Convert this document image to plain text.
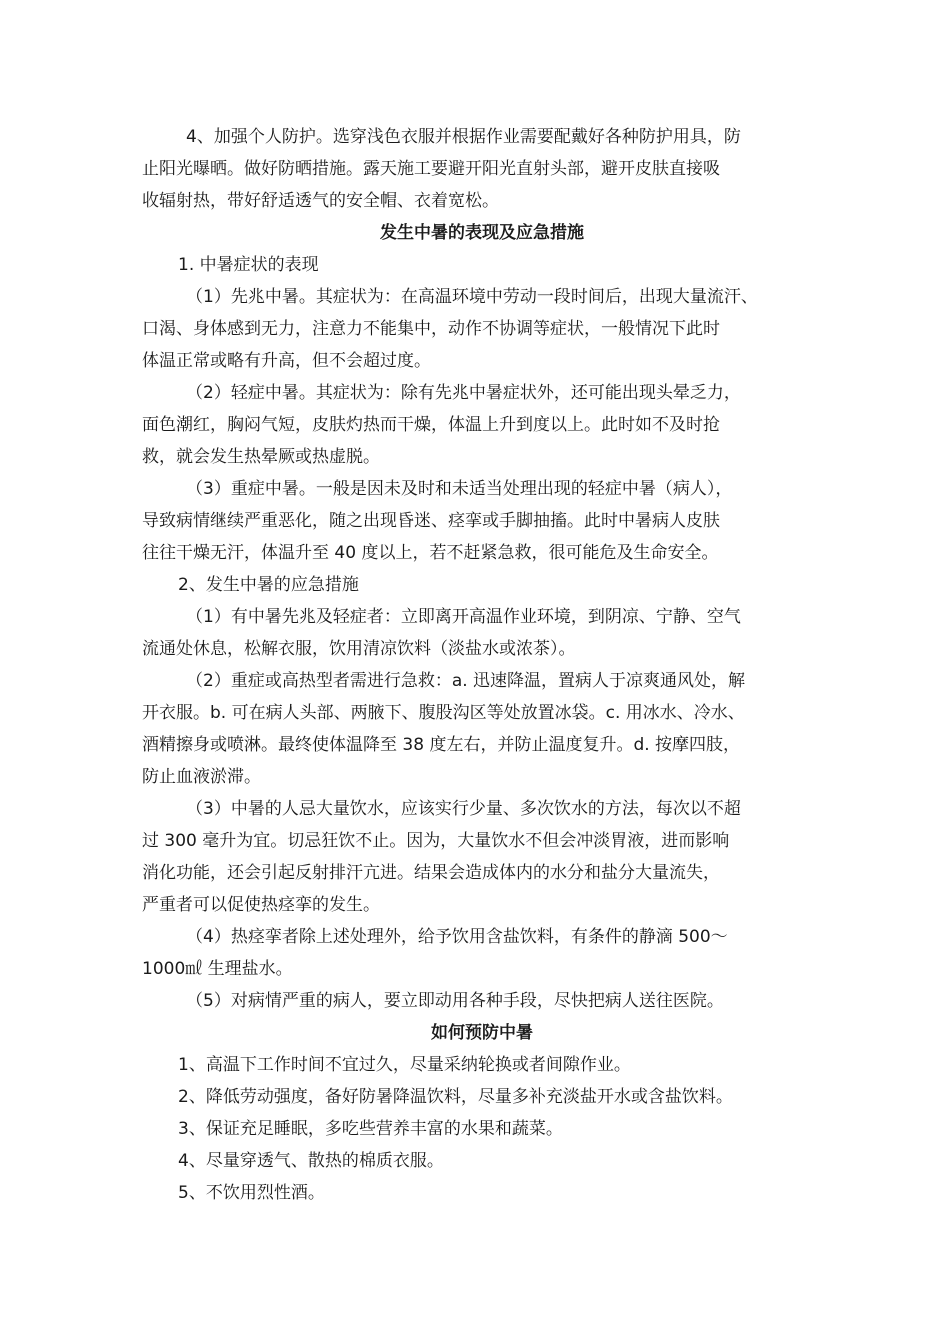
4、加强个人防护。选穿浅色衣服并根据作业需要配戴好各种防护用具，防
止阳光曝晒。做好防晒措施。露天施工要避开阳光直射头部，避开皮肤直接吸
收辐射热，带好舒适透气的安全帽、衣着宽松。
发生中暑的表现及应急措施
1. 中暑症状的表现
（1）先兆中暑。其症状为：在高温环境中劳动一段时间后，出现大量流汗、
口渴、身体感到无力，注意力不能集中，动作不协调等症状，一般情况下此时
体温正常或略有升高，但不会超过度。
（2）轻症中暑。其症状为：除有先兆中暑症状外，还可能出现头晕乏力，
面色潮红，胸闷气短，皮肤灼热而干燥，体温上升到度以上。此时如不及时抢
救，就会发生热晕厥或热虚脱。
（3）重症中暑。一般是因未及时和未适当处理出现的轻症中暑（病人），
导致病情继续严重恶化，随之出现昏迷、痉挛或手脚抽搐。此时中暑病人皮肤
往往干燥无汗，体温升至 40 度以上，若不赶紧急救，很可能危及生命安全。
2、发生中暑的应急措施
（1）有中暑先兆及轻症者：立即离开高温作业环境，到阴凉、宁静、空气
流通处休息，松解衣服，饮用清凉饮料（淡盐水或浓茶）。
（2）重症或高热型者需进行急救：a. 迅速降温，置病人于凉爽通风处，解
开衣服。b. 可在病人头部、两腋下、腹股沟区等处放置冰袋。c. 用冰水、冷水、
酒精擦身或喷淋。最终使体温降至 38 度左右，并防止温度复升。d. 按摩四肢，
防止血液淤滞。
（3）中暑的人忌大量饮水，应该实行少量、多次饮水的方法，每次以不超
过 300 毫升为宜。切忌狂饮不止。因为，大量饮水不但会冲淡胃液，进而影响
消化功能，还会引起反射排汗亢进。结果会造成体内的水分和盐分大量流失，
严重者可以促使热痉挛的发生。
（4）热痉挛者除上述处理外，给予饮用含盐饮料，有条件的静滴 500～
1000㎖ 生理盐水。
（5）对病情严重的病人，要立即动用各种手段，尽快把病人送往医院。
如何预防中暑
1、高温下工作时间不宜过久，尽量采纳轮换或者间隙作业。
2、降低劳动强度，备好防暑降温饮料，尽量多补充淡盐开水或含盐饮料。
3、保证充足睡眠，多吃些营养丰富的水果和蔬菜。
4、尽量穿透气、散热的棉质衣服。
5、不饮用烈性酒。
